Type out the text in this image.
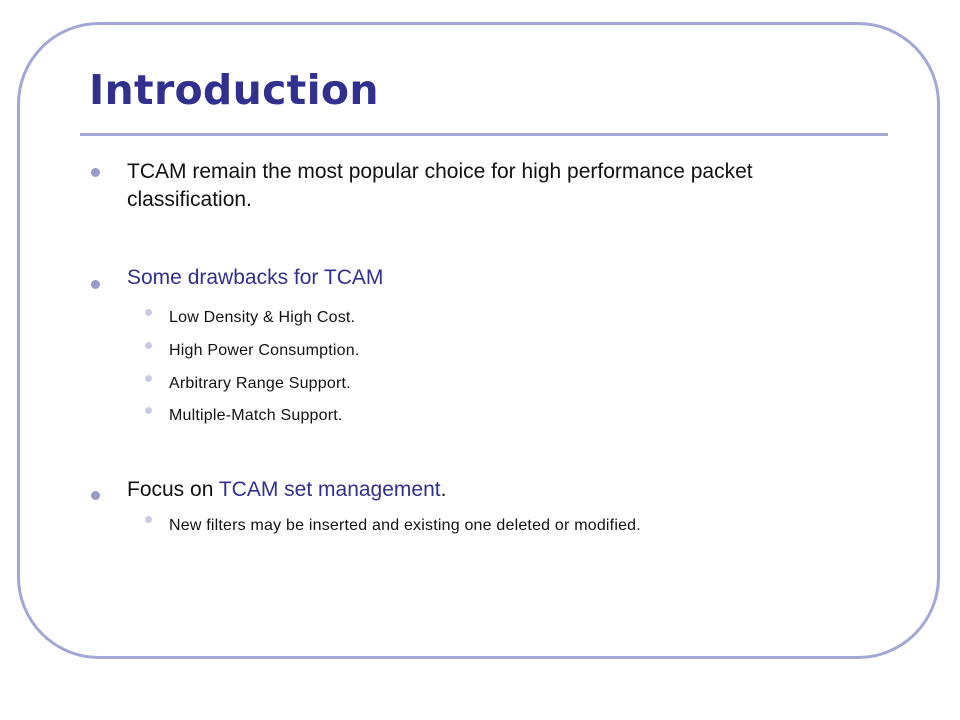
Introduction
TCAM remain the most popular choice for high performance packet classification.
Some drawbacks for TCAM
Low Density & High Cost.
High Power Consumption.
Arbitrary Range Support.
Multiple-Match Support.
Focus on TCAM set management.
New filters may be inserted and existing one deleted or modified.
